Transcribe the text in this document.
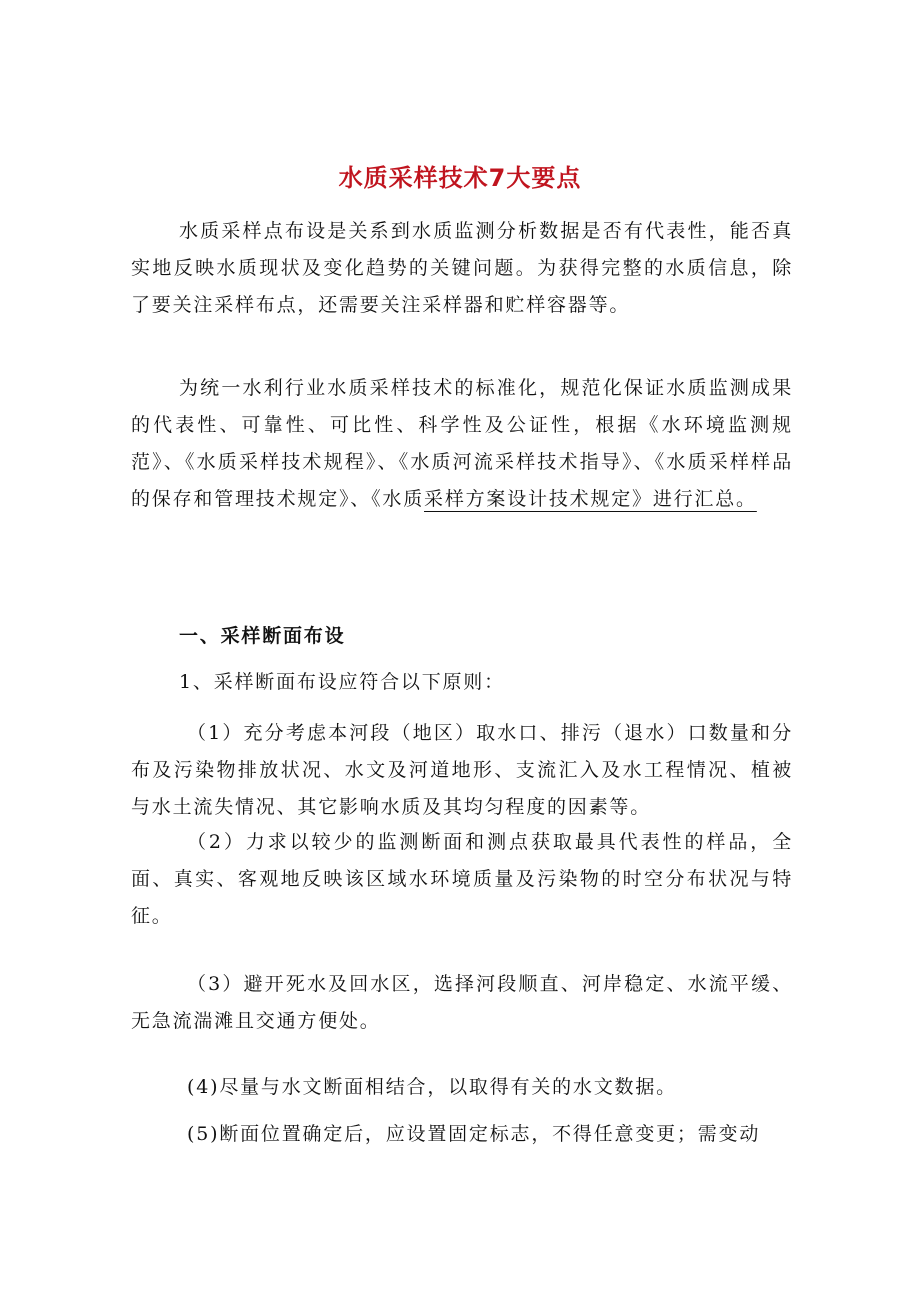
水质采样技术7大要点

水质采样点布设是关系到水质监测分析数据是否有代表性，能否真实地反映水质现状及变化趋势的关键问题。为获得完整的水质信息，除了要关注采样布点，还需要关注采样器和贮样容器等。

为统一水利行业水质采样技术的标准化，规范化保证水质监测成果的代表性、可靠性、可比性、科学性及公证性，根据《水环境监测规范》、《水质采样技术规程》、《水质河流采样技术指导》、《水质采样样品的保存和管理技术规定》、《水质采样方案设计技术规定》进行汇总。

一、采样断面布设

1、采样断面布设应符合以下原则：

（1）充分考虑本河段（地区）取水口、排污（退水）口数量和分布及污染物排放状况、水文及河道地形、支流汇入及水工程情况、植被与水土流失情况、其它影响水质及其均匀程度的因素等。

（2）力求以较少的监测断面和测点获取最具代表性的样品，全面、真实、客观地反映该区域水环境质量及污染物的时空分布状况与特征。

（3）避开死水及回水区，选择河段顺直、河岸稳定、水流平缓、无急流湍滩且交通方便处。

(4)尽量与水文断面相结合，以取得有关的水文数据。

(5)断面位置确定后，应设置固定标志，不得任意变更；需变动
